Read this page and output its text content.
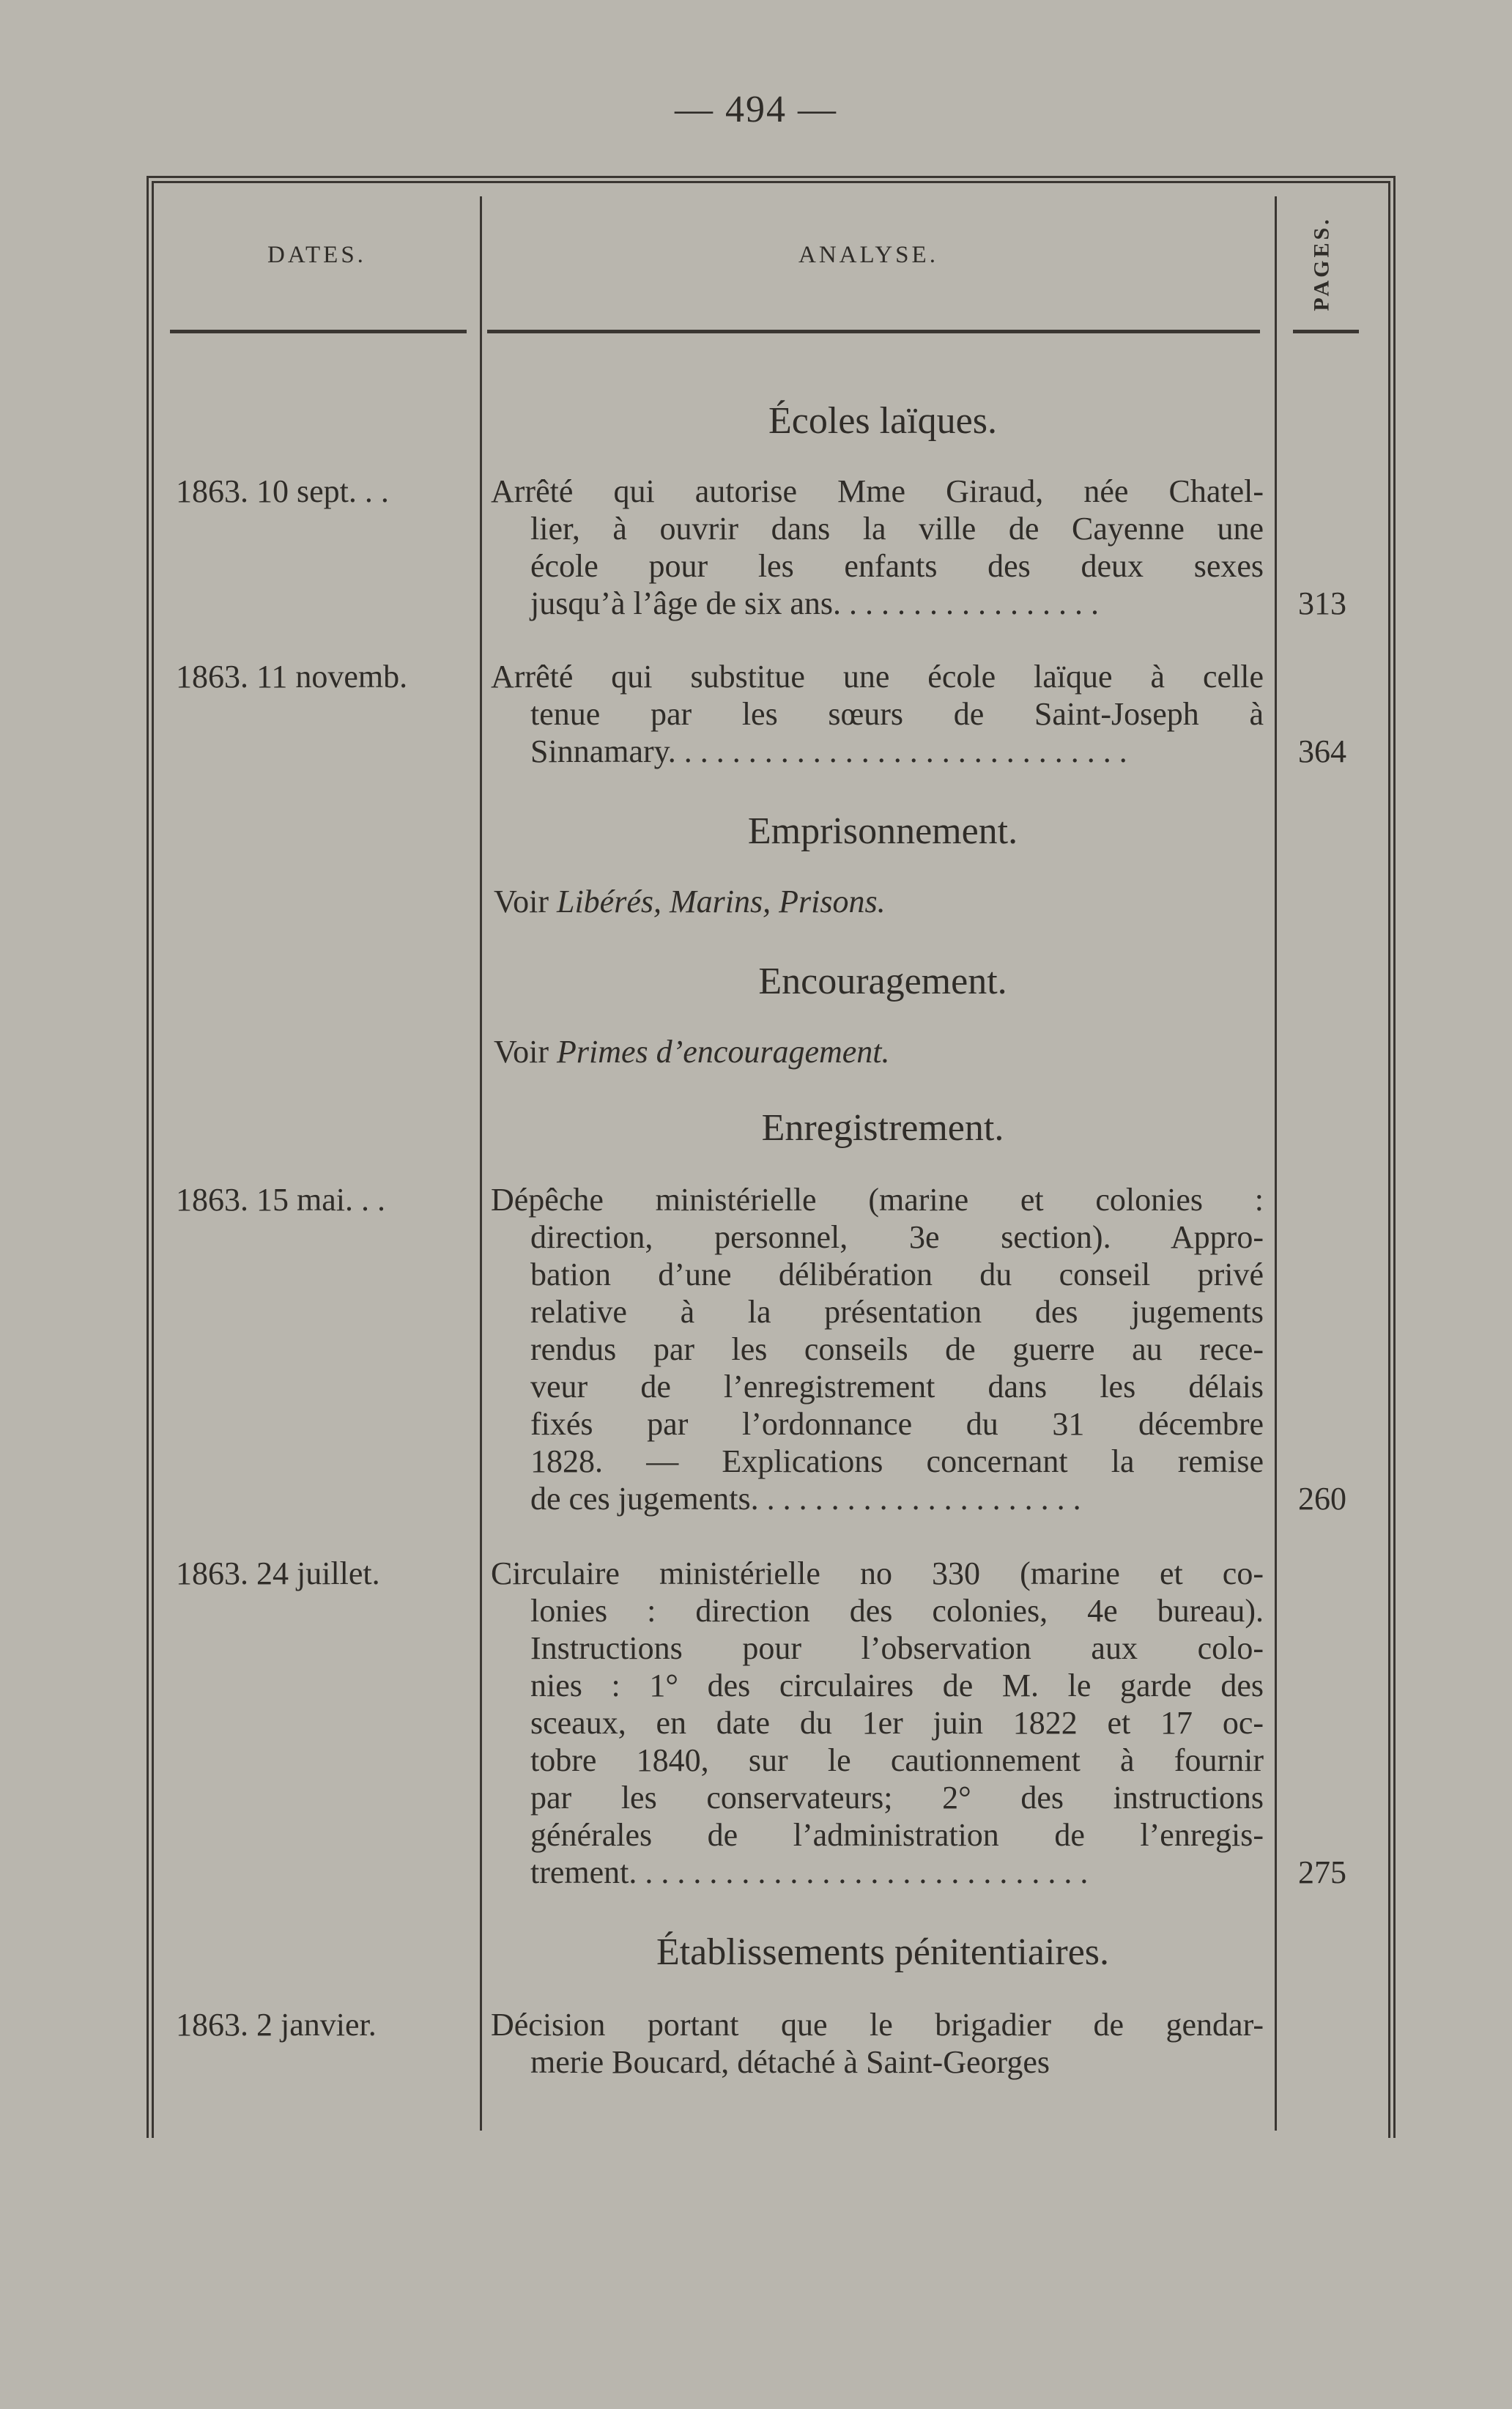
— 494 —
DATES.	ANALYSE.	PAGES.
Écoles laïques.
1863. 10 sept. . .	Arrêté qui autorise Mme Giraud, née Chatel-
lier, à ouvrir dans la ville de Cayenne une
école pour les enfants des deux sexes
jusqu’à l’âge de six ans. . . . . . . . . . . . . . . . .	313
1863. 11 novemb.	Arrêté qui substitue une école laïque à celle
tenue par les sœurs de Saint-Joseph à
Sinnamary. . . . . . . . . . . . . . . . . . . . . . . . . . . . .	364
Emprisonnement.
Voir Libérés, Marins, Prisons.
Encouragement.
Voir Primes d’encouragement.
Enregistrement.
1863. 15 mai. . .	Dépêche ministérielle (marine et colonies :
direction, personnel, 3e section). Appro-
bation d’une délibération du conseil privé
relative à la présentation des jugements
rendus par les conseils de guerre au rece-
veur de l’enregistrement dans les délais
fixés par l’ordonnance du 31 décembre
1828. — Explications concernant la remise
de ces jugements. . . . . . . . . . . . . . . . . . . . .	260
1863. 24 juillet.	Circulaire ministérielle no 330 (marine et co-
lonies : direction des colonies, 4e bureau).
Instructions pour l’observation aux colo-
nies : 1° des circulaires de M. le garde des
sceaux, en date du 1er juin 1822 et 17 oc-
tobre 1840, sur le cautionnement à fournir
par les conservateurs; 2° des instructions
générales de l’administration de l’enregis-
trement. . . . . . . . . . . . . . . . . . . . . . . . . . . . .	275
Établissements pénitentiaires.
1863. 2 janvier.	Décision portant que le brigadier de gendar-
merie Boucard, détaché à Saint-Georges
